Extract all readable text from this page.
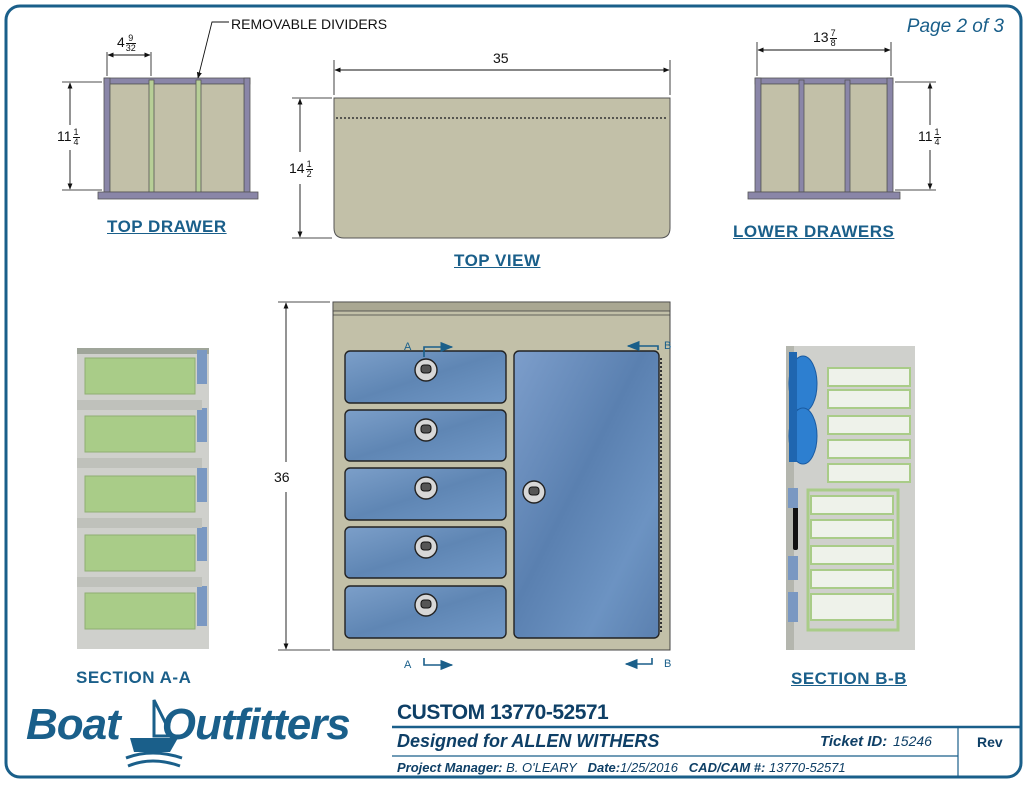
Page 2 of 3
REMOVABLE DIVIDERS
$4 \frac{9}{32}$
$11 \frac{1}{4}$
35
$14 \frac{1}{2}$
$13 \frac{7}{8}$
$11 \frac{1}{4}$
36
A	B
A	B
TOP DRAWER
TOP VIEW
LOWER DRAWERS
SECTION A-A	SECTION B-B
Boat Outfitters CUSTOM 13770-52571
Designed for ALLEN WITHERS	Ticket ID: 15246	Rev
Project Manager: B. O'LEARY Date:1/25/2016 CAD/CAM #: 13770-52571
